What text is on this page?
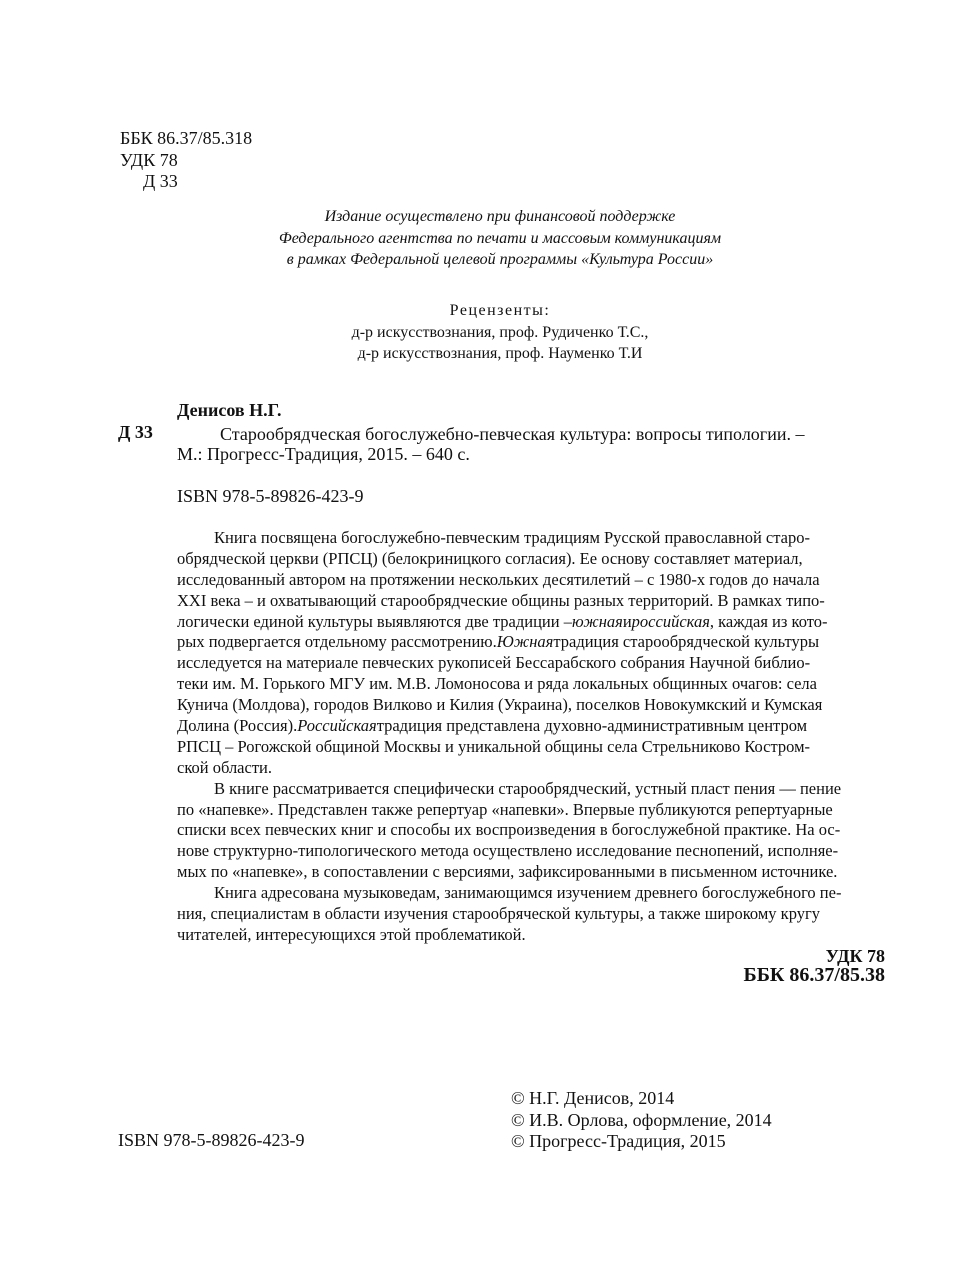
ББК 86.37/85.318
УДК 78
Д 33
Издание осуществлено при финансовой поддержке
Федерального агентства по печати и массовым коммуникациям
в рамках Федеральной целевой программы «Культура России»
Рецензенты:
д-р искусствознания, проф. Рудиченко Т.С.,
д-р искусствознания, проф. Науменко Т.И
Денисов Н.Г.
Д 33	Старообрядческая богослужебно-певческая культура: вопросы типологии. –
М.: Прогресс-Традиция, 2015. – 640 с.
ISBN 978-5-89826-423-9
Книга посвящена богослужебно-певческим традициям Русской православной старо-
обрядческой церкви (РПСЦ) (белокриницкого согласия). Ее основу составляет материал,
исследованный автором на протяжении нескольких десятилетий – с 1980-х годов до начала
XXI века – и охватывающий старообрядческие общины разных территорий. В рамках типо-
логически единой культуры выявляются две традиции –южнаяироссийская, каждая из кото-
рых подвергается отдельному рассмотрению.Южнаятрадиция старообрядческой культуры
исследуется на материале певческих рукописей Бессарабского собрания Научной библио-
теки им. М. Горького МГУ им. М.В. Ломоносова и ряда локальных общинных очагов: села
Кунича (Молдова), городов Вилково и Килия (Украина), поселков Новокумкский и Кумская
Долина (Россия).Российскаятрадиция представлена духовно-административным центром
РПСЦ – Рогожской общиной Москвы и уникальной общины села Стрельниково Костром-
ской области.
В книге рассматривается специфически старообрядческий, устный пласт пения — пение
по «напевке». Представлен также репертуар «напевки». Впервые публикуются репертуарные
списки всех певческих книг и способы их воспроизведения в богослужебной практике. На ос-
нове структурно-типологического метода осуществлено исследование песнопений, исполняе-
мых по «напевке», в сопоставлении с версиями, зафиксированными в письменном источнике.
Книга адресована музыковедам, занимающимся изучением древнего богослужебного пе-
ния, специалистам в области изучения старообрячеcкой культуры, а также широкому кругу
читателей, интересующихся этой проблематикой.
УДК 78
ББК 86.37/85.38
ISBN 978-5-89826-423-9
© Н.Г. Денисов, 2014
© И.В. Орлова, оформление, 2014
© Прогресс-Традиция, 2015
